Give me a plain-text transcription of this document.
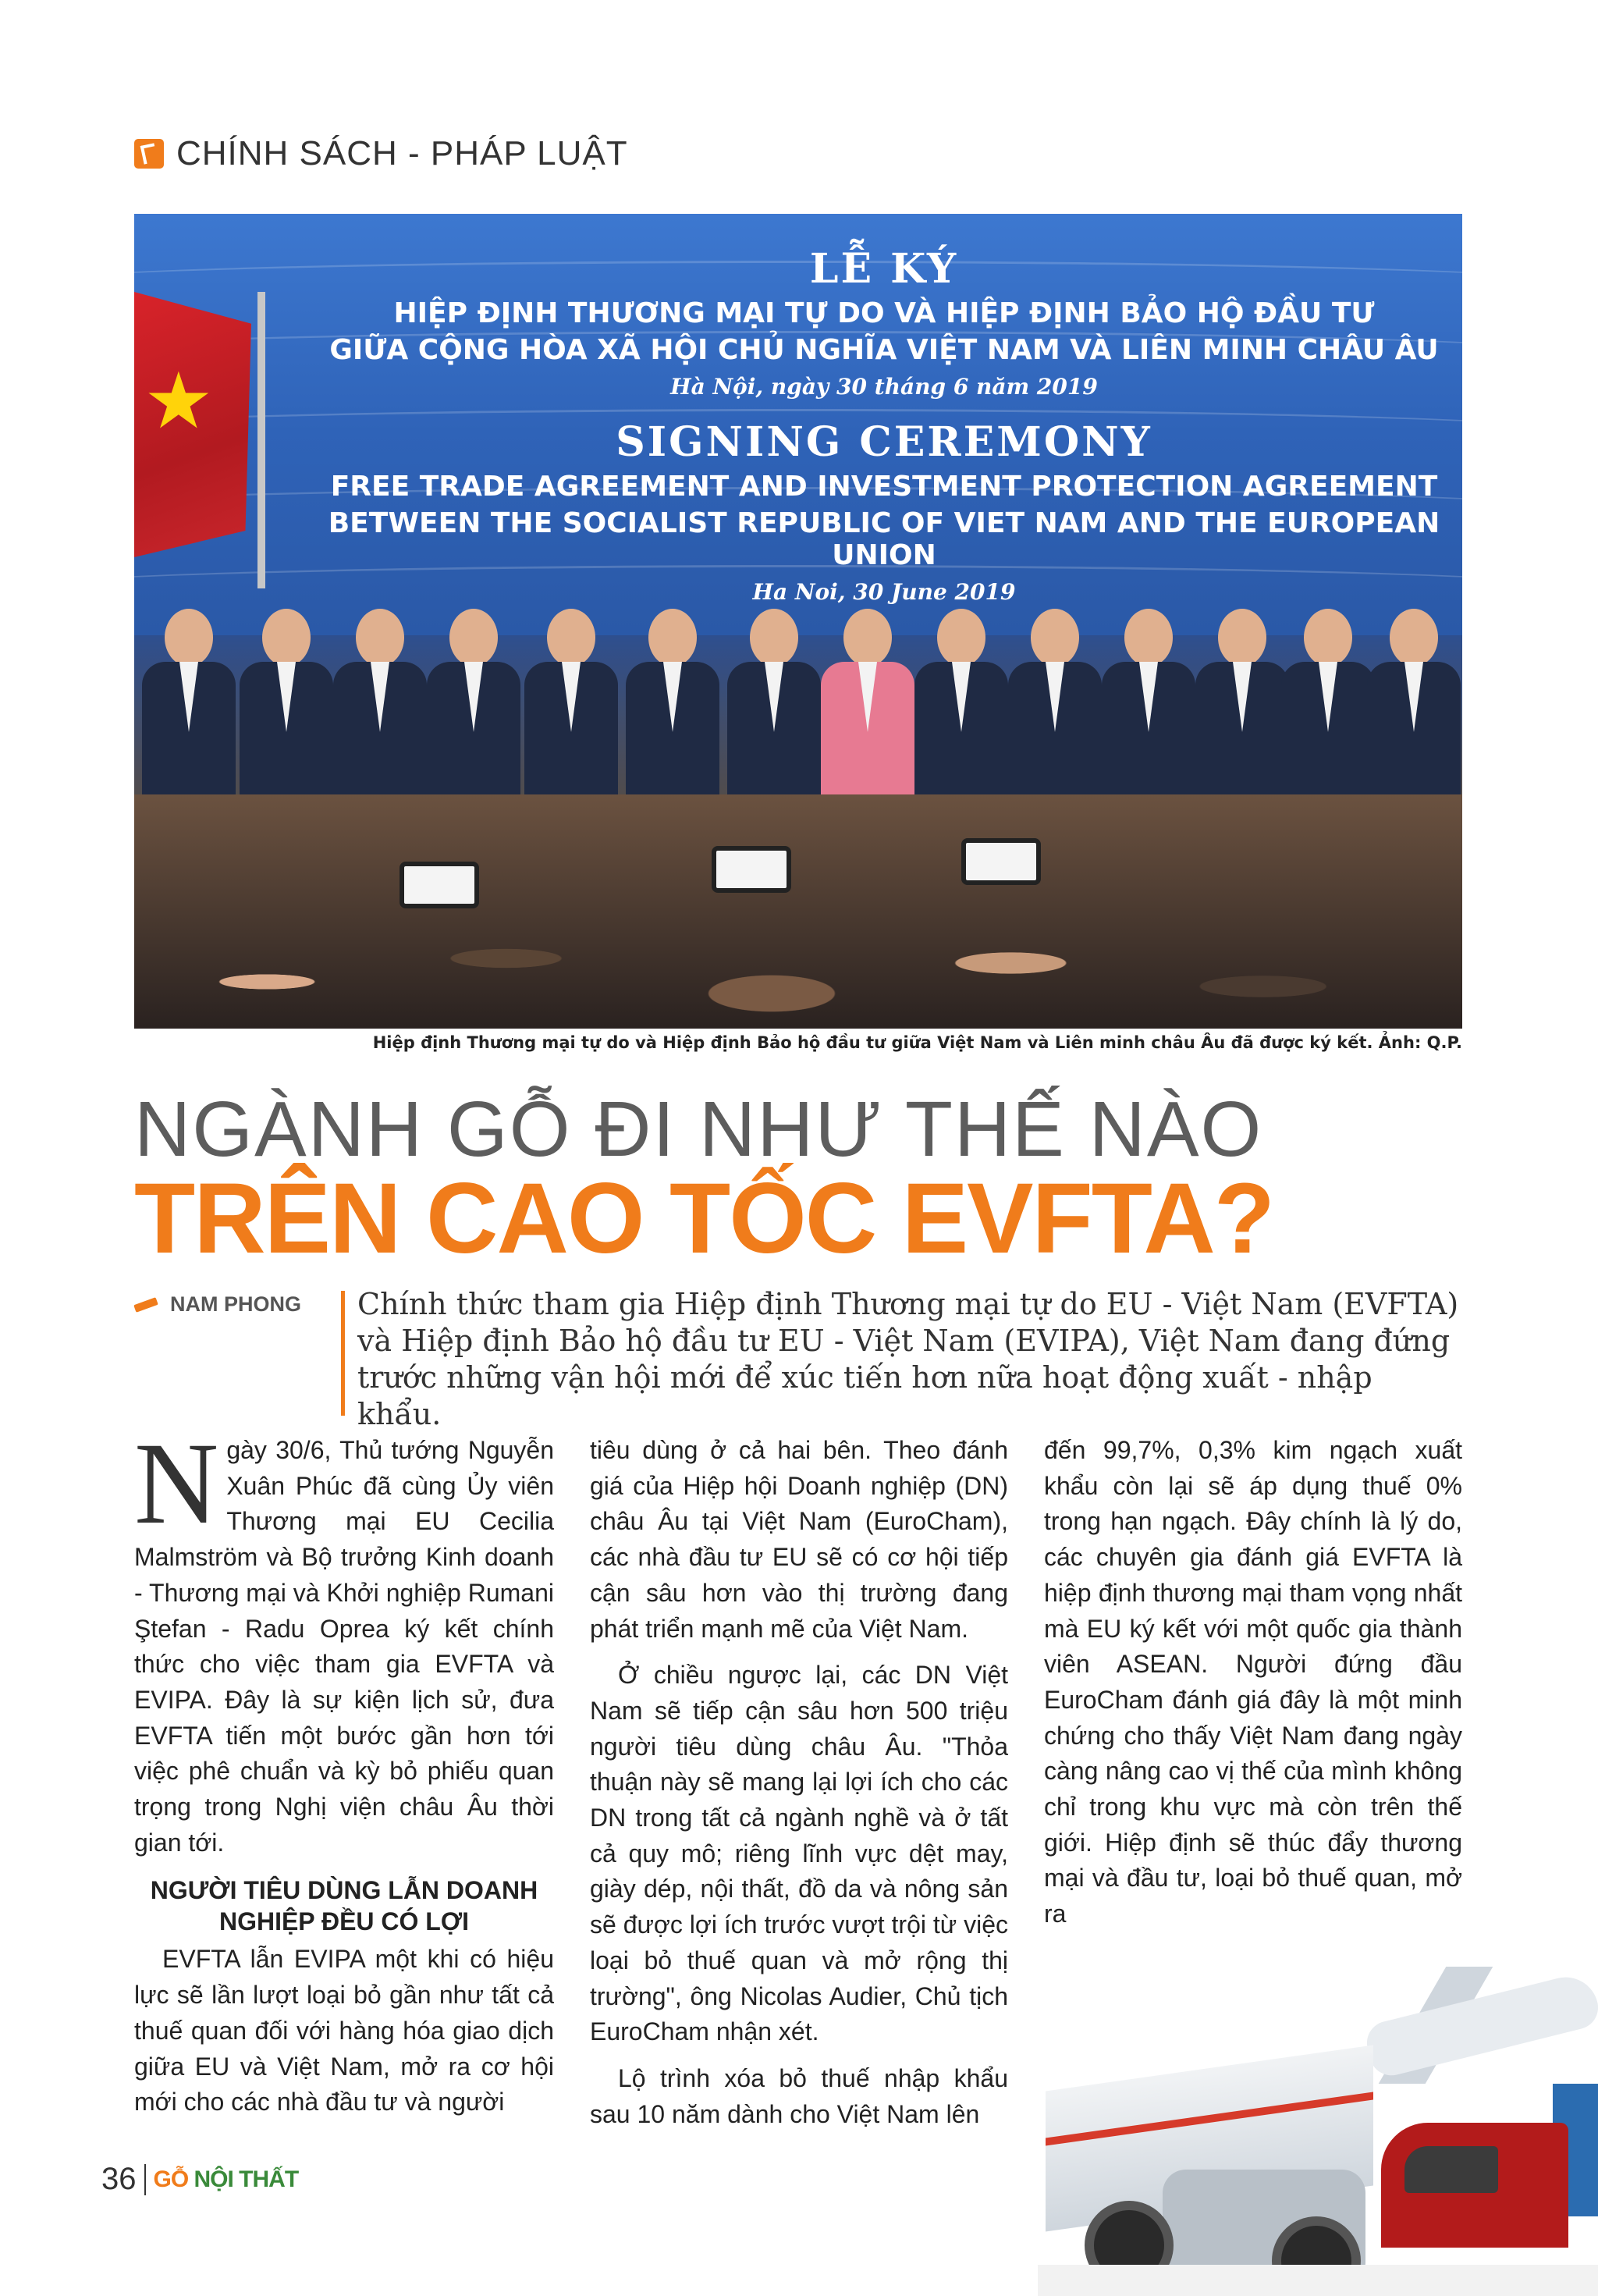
CHÍNH SÁCH - PHÁP LUẬT
★
LỄ KÝ
HIỆP ĐỊNH THƯƠNG MẠI TỰ DO VÀ HIỆP ĐỊNH BẢO HỘ ĐẦU TƯ
GIỮA CỘNG HÒA XÃ HỘI CHỦ NGHĨA VIỆT NAM VÀ LIÊN MINH CHÂU ÂU
Hà Nội, ngày 30 tháng 6 năm 2019
SIGNING CEREMONY
FREE TRADE AGREEMENT AND INVESTMENT PROTECTION AGREEMENT
BETWEEN THE SOCIALIST REPUBLIC OF VIET NAM AND THE EUROPEAN UNION
Ha Noi, 30 June 2019
Hiệp định Thương mại tự do và Hiệp định Bảo hộ đầu tư giữa Việt Nam và Liên minh châu Âu đã được ký kết. Ảnh: Q.P.
NGÀNH GỖ ĐI NHƯ THẾ NÀO
TRÊN CAO TỐC EVFTA?
NAM PHONG Chính thức tham gia Hiệp định Thương mại tự do EU - Việt Nam (EVFTA) và Hiệp định Bảo hộ đầu tư EU - Việt Nam (EVIPA), Việt Nam đang đứng trước những vận hội mới để xúc tiến hơn nữa hoạt động xuất - nhập khẩu.

Ngày 30/6, Thủ tướng Nguyễn Xuân Phúc đã cùng Ủy viên Thương mại EU Cecilia Malmström và Bộ trưởng Kinh doanh - Thương mại và Khởi nghiệp Rumani Ştefan - Radu Oprea ký kết chính thức cho việc tham gia EVFTA và EVIPA. Đây là sự kiện lịch sử, đưa EVFTA tiến một bước gần hơn tới việc phê chuẩn và kỳ bỏ phiếu quan trọng trong Nghị viện châu Âu thời gian tới.

NGƯỜI TIÊU DÙNG LẪN DOANH NGHIỆP ĐỀU CÓ LỢI

EVFTA lẫn EVIPA một khi có hiệu lực sẽ lần lượt loại bỏ gần như tất cả thuế quan đối với hàng hóa giao dịch giữa EU và Việt Nam, mở ra cơ hội mới cho các nhà đầu tư và người

tiêu dùng ở cả hai bên. Theo đánh giá của Hiệp hội Doanh nghiệp (DN) châu Âu tại Việt Nam (EuroCham), các nhà đầu tư EU sẽ có cơ hội tiếp cận sâu hơn vào thị trường đang phát triển mạnh mẽ của Việt Nam.

Ở chiều ngược lại, các DN Việt Nam sẽ tiếp cận sâu hơn 500 triệu người tiêu dùng châu Âu. "Thỏa thuận này sẽ mang lại lợi ích cho các DN trong tất cả ngành nghề và ở tất cả quy mô; riêng lĩnh vực dệt may, giày dép, nội thất, đồ da và nông sản sẽ được lợi ích trước vượt trội từ việc loại bỏ thuế quan và mở rộng thị trường", ông Nicolas Audier, Chủ tịch EuroCham nhận xét.

Lộ trình xóa bỏ thuế nhập khẩu sau 10 năm dành cho Việt Nam lên

đến 99,7%, 0,3% kim ngạch xuất khẩu còn lại sẽ áp dụng thuế 0% trong hạn ngạch. Đây chính là lý do, các chuyên gia đánh giá EVFTA là hiệp định thương mại tham vọng nhất mà EU ký kết với một quốc gia thành viên ASEAN. Người đứng đầu EuroCham đánh giá đây là một minh chứng cho thấy Việt Nam đang ngày càng nâng cao vị thế của mình không chỉ trong khu vực mà còn trên thế giới. Hiệp định sẽ thúc đẩy thương mại và đầu tư, loại bỏ thuế quan, mở ra

36 GỖ NỘI THẤT
